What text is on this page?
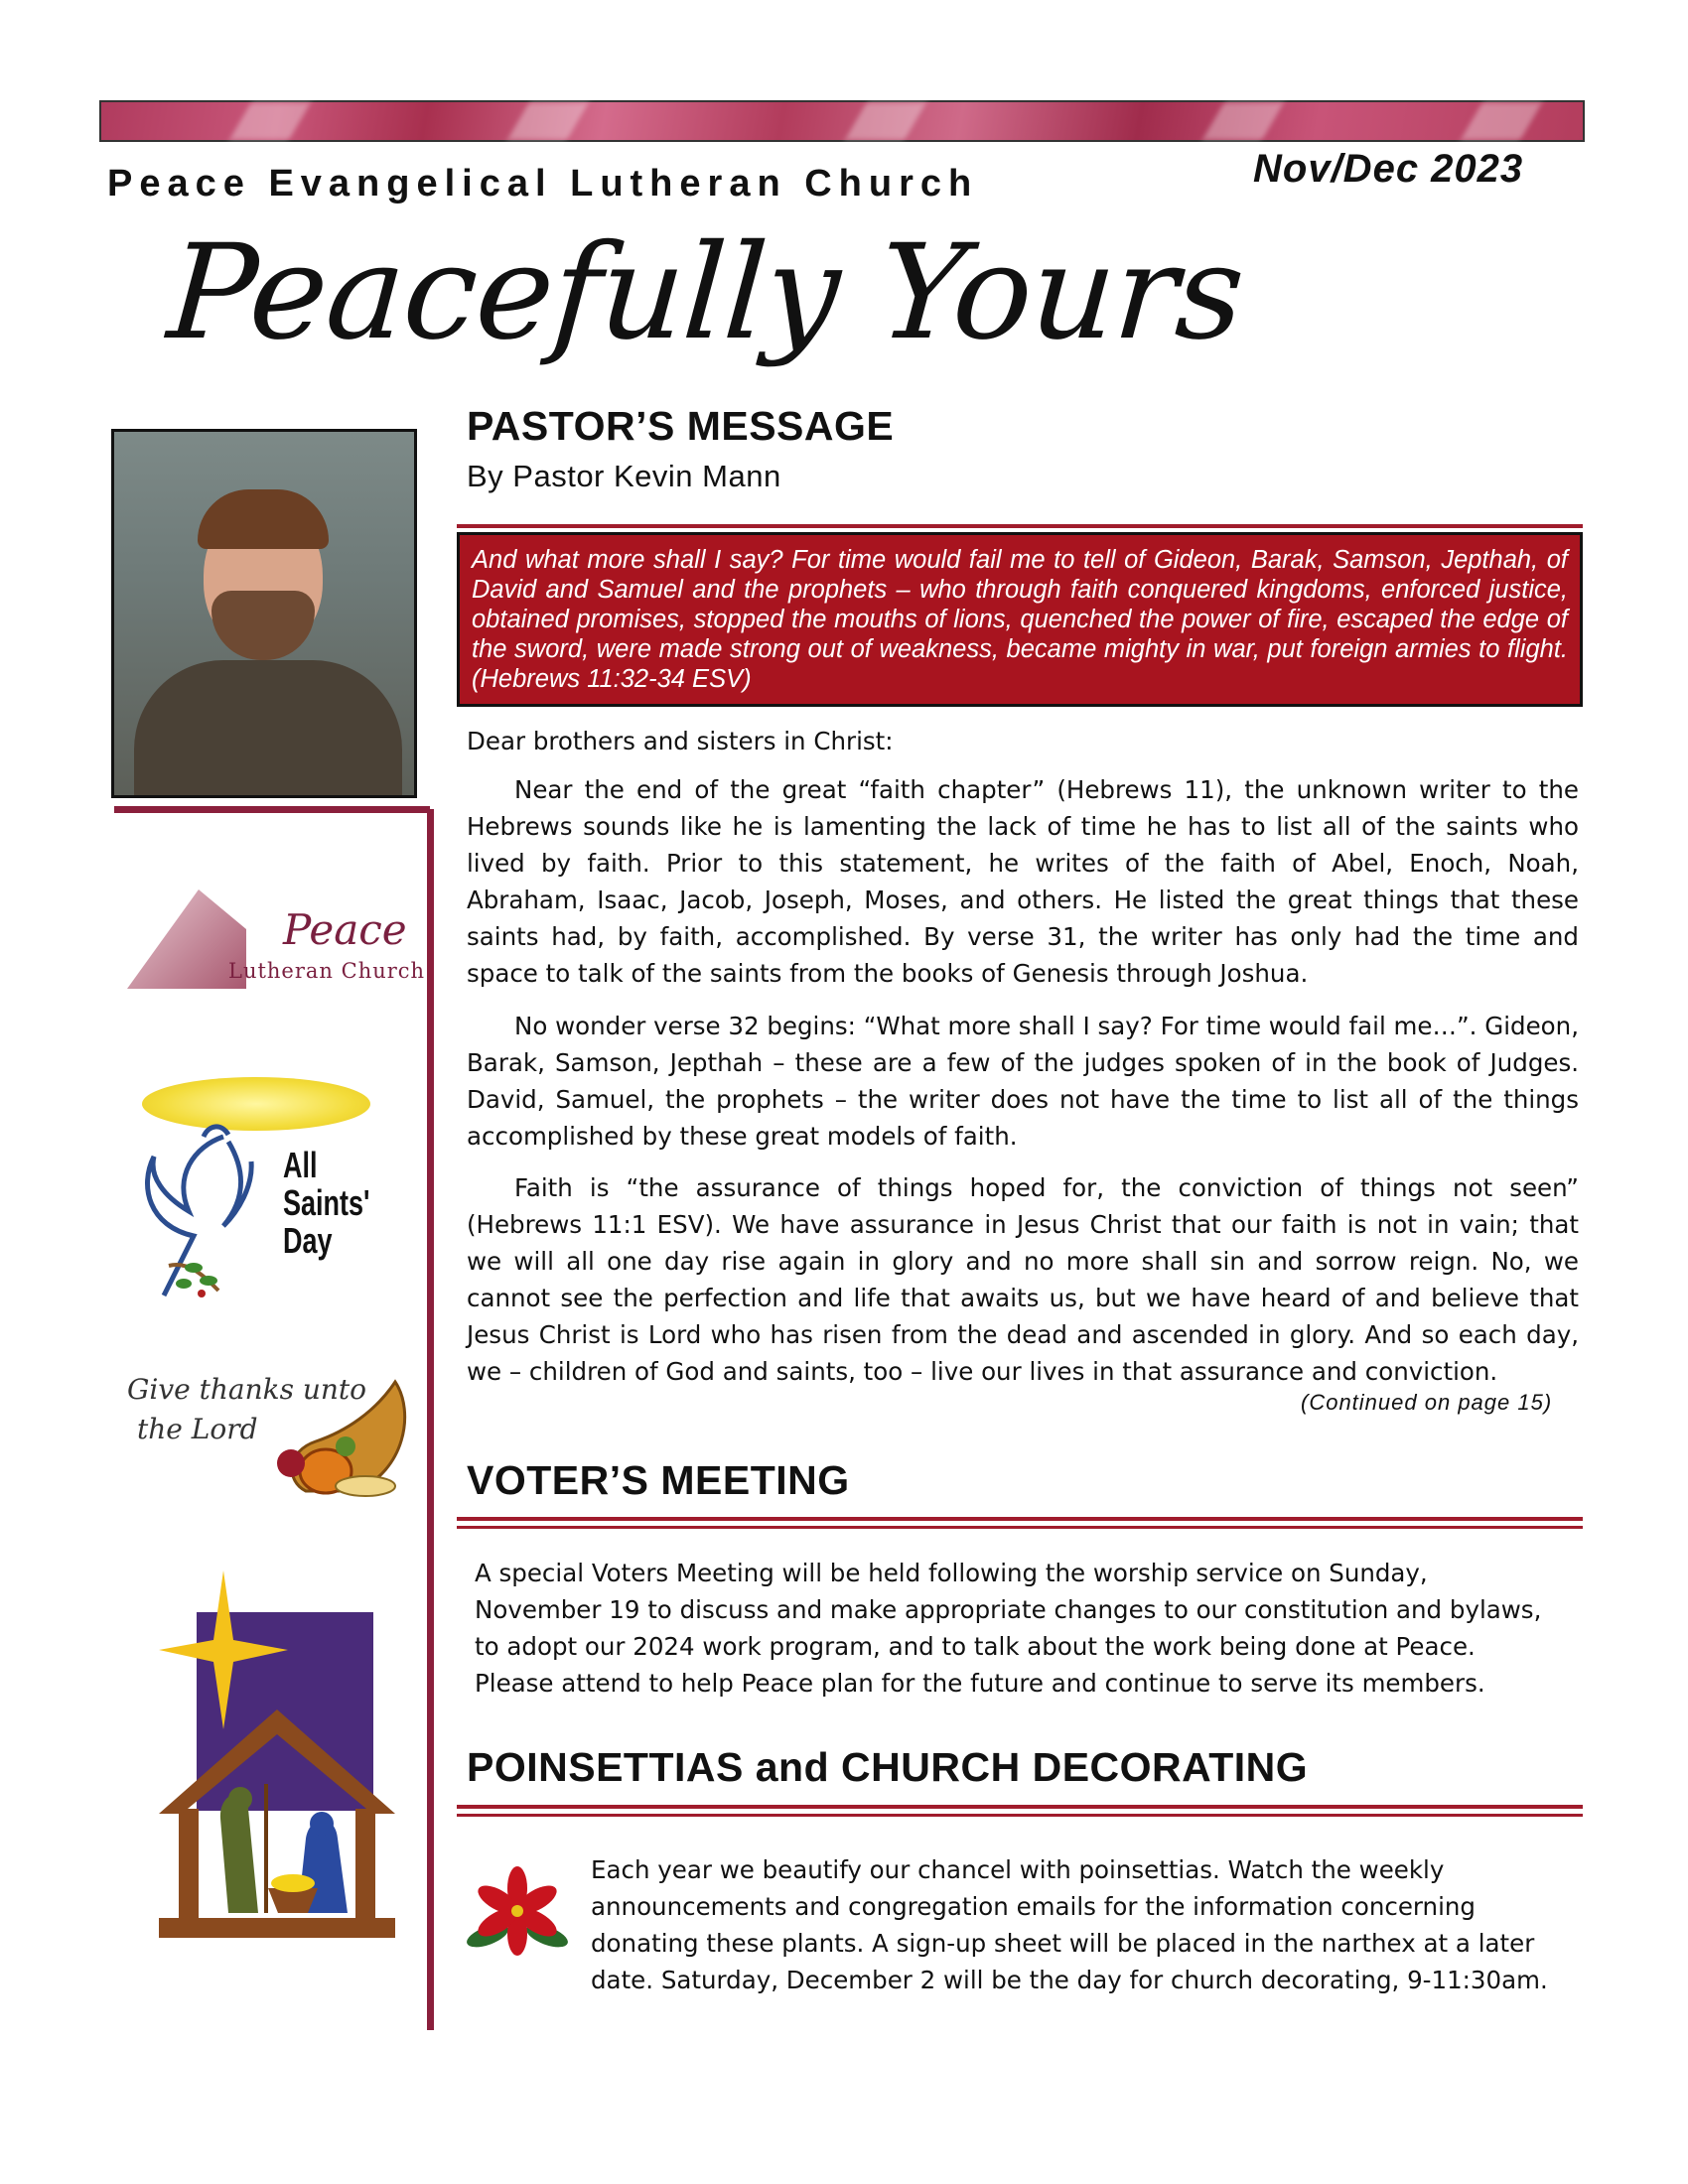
Peace Evangelical Lutheran Church	Nov/Dec 2023
Peacefully Yours
Peace
Lutheran Church
All
Saints'
Day
Give thanks unto
the Lord
PASTOR’S MESSAGE
By Pastor Kevin Mann
And what more shall I say? For time would fail me to tell of Gideon, Barak, Samson, Jepthah, of David and Samuel and the prophets – who through faith conquered kingdoms, enforced justice, obtained promises, stopped the mouths of lions, quenched the power of fire, escaped the edge of the sword, were made strong out of weakness, became mighty in war, put foreign armies to flight. (Hebrews 11:32-34 ESV)

Dear brothers and sisters in Christ:

Near the end of the great “faith chapter” (Hebrews 11), the unknown writer to the Hebrews sounds like he is lamenting the lack of time he has to list all of the saints who lived by faith. Prior to this statement, he writes of the faith of Abel, Enoch, Noah, Abraham, Isaac, Jacob, Joseph, Moses, and others. He listed the great things that these saints had, by faith, accomplished. By verse 31, the writer has only had the time and space to talk of the saints from the books of Genesis through Joshua.

No wonder verse 32 begins: “What more shall I say? For time would fail me…”. Gideon, Barak, Samson, Jepthah – these are a few of the judges spoken of in the book of Judges. David, Samuel, the prophets – the writer does not have the time to list all of the things accomplished by these great models of faith.

Faith is “the assurance of things hoped for, the conviction of things not seen” (Hebrews 11:1 ESV). We have assurance in Jesus Christ that our faith is not in vain; that we will all one day rise again in glory and no more shall sin and sorrow reign. No, we cannot see the perfection and life that awaits us, but we have heard of and believe that Jesus Christ is Lord who has risen from the dead and ascended in glory. And so each day, we – children of God and saints, too – live our lives in that assurance and conviction.

(Continued on page 15)
VOTER’S MEETING

A special Voters Meeting will be held following the worship service on Sunday, November 19 to discuss and make appropriate changes to our constitution and bylaws, to adopt our 2024 work program, and to talk about the work being done at Peace. Please attend to help Peace plan for the future and continue to serve its members.

POINSETTIAS and CHURCH DECORATING

Each year we beautify our chancel with poinsettias. Watch the weekly announcements and congregation emails for the information concerning donating these plants. A sign-up sheet will be placed in the narthex at a later date. Saturday, December 2 will be the day for church decorating, 9-11:30am.
